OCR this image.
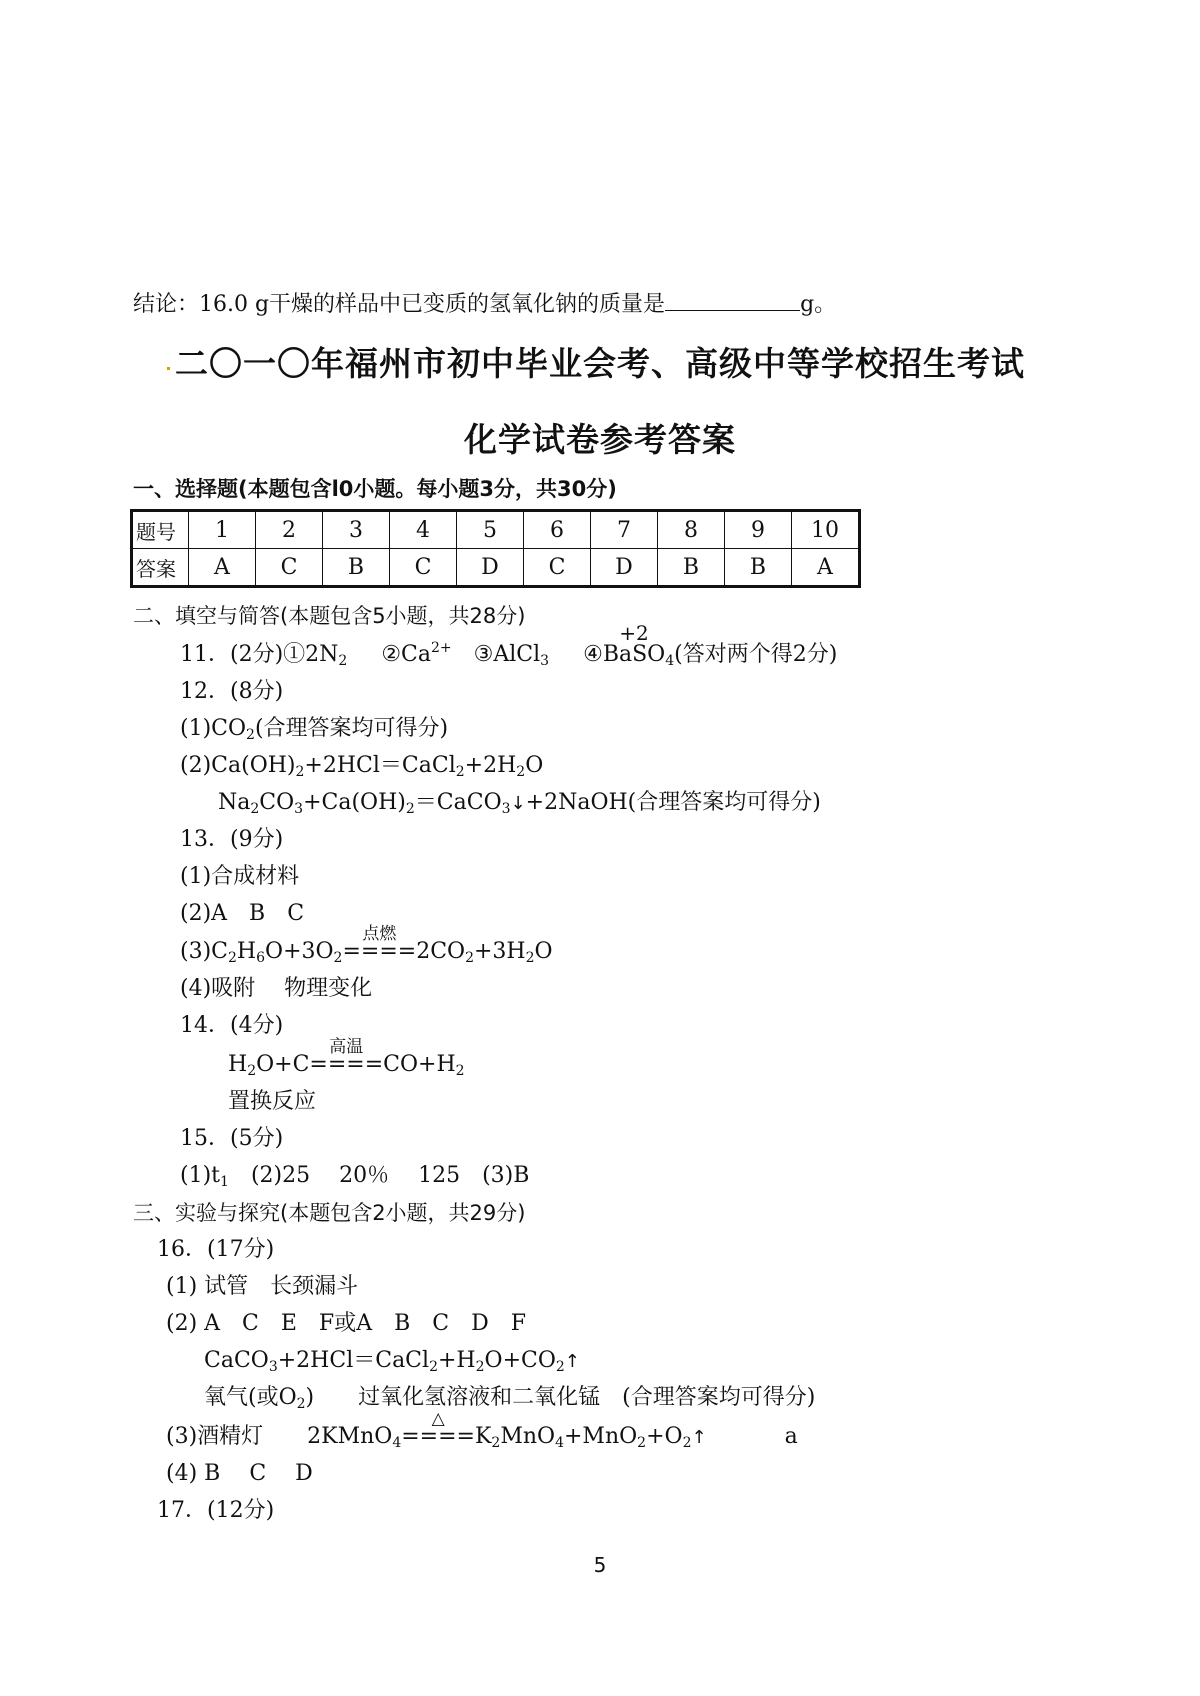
结论：16.0 g干燥的样品中已变质的氢氧化钠的质量是	g。
二〇一〇年福州市初中毕业会考、高级中等学校招生考试
化学试卷参考答案
一、选择题(本题包含l0小题。每小题3分，共30分)
题号	1	2	3	4	5	6	7	8	9	10
答案	A	C	B	C	D	C	D	B	B	A
二、填空与简答(本题包含5小题，共28分)
11．(2分)$①2N_2$ $②Ca^{2+}$ ③AlCl$_3$ ④
+2
BaSO$_4$(答对两个得2分)
12．(8分)
$(1)CO_2$(合理答案均可得分)
$(2)Ca(OH)_2+2HCl=CaCl_2+2H_2O$
$Na_2CO_3+Ca(OH)_2=CaCO_3↓+2NaOH$(合理答案均可得分)
13．(9分)
(1)合成材料
(2)A　B　C
$(3)C_2H_6O+3O_2$
点燃
$====2CO_2+3H_2O$
(4)吸附　 物理变化
14．(4分)
$H_2O+C$
高温
$====CO+H_2$
置换反应
15．(5分)
$(1)t_1$　(2)25　 20％　 125　(3)B
三、实验与探究(本题包含2小题，共29分)
16．(17分)
(1) 试管　长颈漏斗
(2) A　C　E　F或A　B　C　D　F
$CaCO_3+2HCl=CaCl_2+H_2O+CO_2↑$
氧气(或$O_2$)　　过氧化氢溶液和二氧化锰　(合理答案均可得分)
(3)酒精灯　　2KMnO$_4$
△
$====K_2MnO_4+MnO_2+O_2↑$	a
(4) B　 C　 D
17．(12分)
5
